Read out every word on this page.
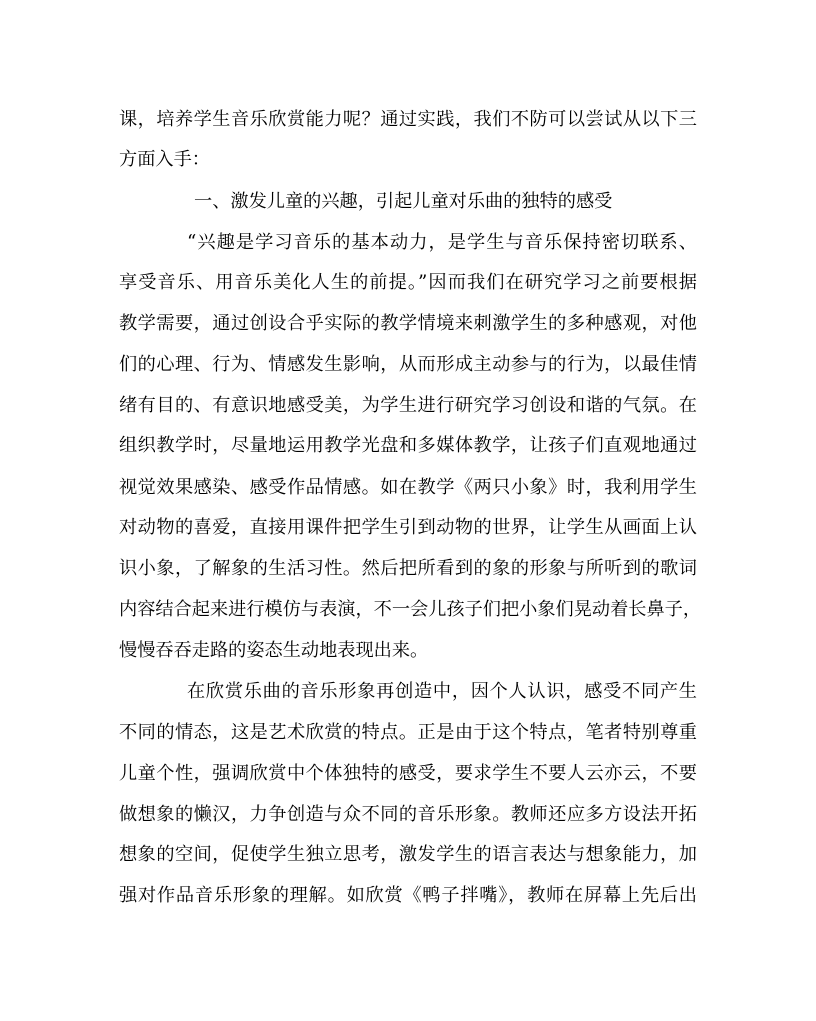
课，培养学生音乐欣赏能力呢？通过实践，我们不防可以尝试从以下三
方面入手：
一、激发儿童的兴趣，引起儿童对乐曲的独特的感受
“兴趣是学习音乐的基本动力，是学生与音乐保持密切联系、
享受音乐、用音乐美化人生的前提。”因而我们在研究学习之前要根据
教学需要，通过创设合乎实际的教学情境来刺激学生的多种感观，对他
们的心理、行为、情感发生影响，从而形成主动参与的行为，以最佳情
绪有目的、有意识地感受美，为学生进行研究学习创设和谐的气氛。在
组织教学时，尽量地运用教学光盘和多媒体教学，让孩子们直观地通过
视觉效果感染、感受作品情感。如在教学《两只小象》时，我利用学生
对动物的喜爱，直接用课件把学生引到动物的世界，让学生从画面上认
识小象，了解象的生活习性。然后把所看到的象的形象与所听到的歌词
内容结合起来进行模仿与表演，不一会儿孩子们把小象们晃动着长鼻子，
慢慢吞吞走路的姿态生动地表现出来。
在欣赏乐曲的音乐形象再创造中，因个人认识，感受不同产生
不同的情态，这是艺术欣赏的特点。正是由于这个特点，笔者特别尊重
儿童个性，强调欣赏中个体独特的感受，要求学生不要人云亦云，不要
做想象的懒汉，力争创造与众不同的音乐形象。教师还应多方设法开拓
想象的空间，促使学生独立思考，激发学生的语言表达与想象能力，加
强对作品音乐形象的理解。如欣赏《鸭子拌嘴》，教师在屏幕上先后出
